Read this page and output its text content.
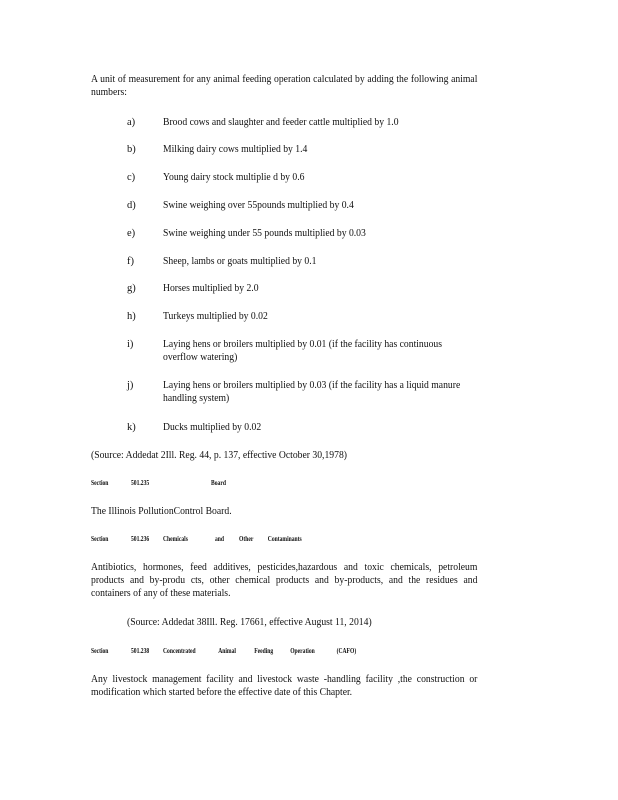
A unit of measurement for any animal feeding operation calculated by adding the following animal numbers:
a)	Brood cows and slaughter and feeder cattle multiplied by 1.0
b)	Milking dairy cows multiplied by 1.4
c)	Young dairy stock multiplie d by 0.6
d)	Swine weighing over 55pounds multiplied by 0.4
e)	Swine weighing under 55 pounds multiplied by 0.03
f)	Sheep, lambs or goats multiplied by 0.1
g)	Horses multiplied by 2.0
h)	Turkeys multiplied by 0.02
i)	Laying hens or broilers multiplied by 0.01 (if the facility has continuous overflow watering)
j)	Laying hens or broilers multiplied by 0.03 (if the facility has a liquid manure handling system)
k)	Ducks multiplied by 0.02
(Source: Addedat 2Ill. Reg. 44, p. 137, effective October 30,1978)
Section	501.235	Board
The Illinois PollutionControl Board.
Section	501.236 Chemicals	and Other Contaminants
Antibiotics, hormones, feed additives, pesticides,hazardous and toxic chemicals, petroleum products and by-produ cts, other chemical products and by-products, and the residues and containers of any of these materials.
(Source: Addedat 38Ill. Reg. 17661, effective August 11, 2014)
Section	501.238 Concentrated	Animal	Feeding Operation	(CAFO)
Any livestock management facility and livestock waste -handling facility ,the construction or modification which started before the effective date of this Chapter.
